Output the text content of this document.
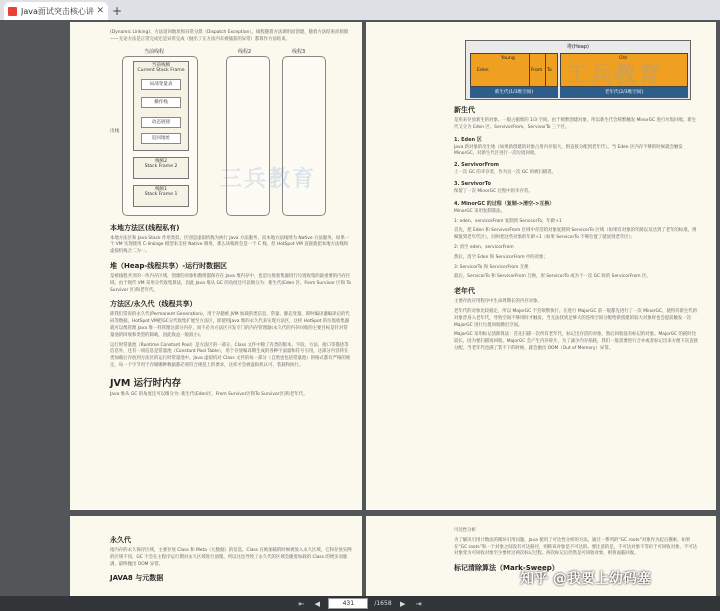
Java面试突击核心讲 ✕ +
(Dynamic Linking)、方法返回地址和异常分派（Dispatch Exception）。线程随着方法调用而创建，随着方法结束而销毁——无论方法是正常完成还是异常完成（抛出了在方法内未被捕获的异常）都算作方法结束。
当前线程	线程2	线程3
当前栈帧
Current Stack Frame
局部变量表
操作栈
动态链接
返回地址
栈帧2
Stack Frame 2
栈帧1
Stack Frame 1
出栈
本地方法区(线程私有)
本地方法区和 Java Stack 作用类似，区别是虚拟机栈为执行 Java 方法服务，而本地方法栈则为 Native 方法服务。如果一个 VM 实现使用 C-linkage 模型来支持 Native 调用，那么该栈将会是一个 C 栈，但 HotSpot VM 直接就把本地方法栈和虚拟机栈合二为一。
堆（Heap-线程共享）-运行时数据区
是被线程共享的一块内存区域，创建的对象和数组都保存在 Java 堆内存中，也是垃圾收集器进行垃圾收集的最重要的内存区域。由于现代 VM 采用分代收集算法，因此 Java 堆从 GC 的角度还可以细分为：新生代(Eden 区、From Survivor 区和 To Survivor 区)和老年代。
方法区/永久代（线程共享）
即我们常说的永久代(Permanent Generation)，用于存储被 JVM 加载的类信息、常量、静态变量、即时编译器编译后的代码等数据。HotSpot VM把GC分代收集扩展至方法区，即使用Java 堆的永久代来实现方法区，这样 HotSpot 的垃圾收集器就可以像管理 Java 堆一样管理这部分内存，而不必为方法区开发专门的内存管理器(永久代的内存回收的主要目标是针对常量池的回收和类型的卸载，因此收益一般很小)。
运行时常量池（Runtime Constant Pool）是方法区的一部分。Class 文件中除了有类的版本、字段、方法、接口等描述等信息外，还有一项信息是常量池（Constant Pool Table），用于存放编译期生成的各种字面量和符号引用，这部分内容将在类加载后存放到方法区的运行时常量池中。Java 虚拟机对 Class 文件的每一部分（自然也包括常量池）的格式都有严格的规定，每一个字节用于存储哪种数据都必须符合规范上的要求，这样才会被虚拟机认可、装载和执行。
JVM 运行时内存
Java 堆从 GC 的角度还可以细分为: 新生代(Eden区、From Survivor区和To Survivor区)和老年代。
三兵教育
堆(Heap)
Young
Eden	From To
Old
新生代(1/3堆空间)	老年代(2/3堆空间)
新生代
是用来存放新生的对象。一般占据堆的 1/3 空间。由于频繁创建对象，所以新生代会频繁触发 MinorGC 进行垃圾回收。新生代又分为 Eden 区、ServivorFrom、ServivorTo 三个区。
1. Eden 区
Java 新对象的出生地（如果新创建的对象占用内存很大，则直接分配到老年代）。当 Eden 区内存不够的时候就会触发 MinorGC，对新生代区进行一次垃圾回收。
2. ServivorFrom
上一次 GC 的幸存者，作为这一次 GC 的被扫描者。
3. ServivorTo
保留了一次 MinorGC 过程中的幸存者。
4. MinorGC 的过程（复制->清空->互换）
MinorGC 采用复制算法。
1: eden、servicorFrom 复制到 ServicorTo，年龄+1
首先，把 Eden 和 ServivorFrom 区域中存活的对象复制到 ServicorTo 区域（如果有对象的年龄以及达到了老年的标准，则赋值到老年代区），同时把这些对象的年龄+1（如果 ServicorTo 不够位置了就放到老年区）；
2: 清空 eden、servicorFrom
然后，清空 Eden 和 ServicorFrom 中的对象；
3: ServicorTo 和 ServicorFrom 互换
最后，ServicorTo 和 ServicorFrom 互换，原 ServicorTo 成为下一次 GC 时的 ServicorFrom 区。
老年代
主要存放应用程序中生命周期长的内存对象。
老年代的对象比较稳定，所以 MajorGC 不会频繁执行。在进行 MajorGC 前一般都先进行了一次 MinorGC，使得有新生代的对象晋身入老年代，导致空间不够用时才触发。当无法找到足够大的连续空间分配给新创建的较大对象时也会提前触发一次 MajorGC 进行垃圾回收腾出空间。
MajorGC 采用标记清除算法：首先扫描一次所有老年代，标记出存活的对象，然后回收没有标记的对象。MajorGC 的耗时比较长，因为要扫描再回收。MajorGC 会产生内存碎片，为了减少内存损耗，我们一般需要进行合并或者标记出来方便下次直接分配。当老年代也满了装不下的时候，就会抛出 OOM（Out of Memory）异常。
工兵教育
永久代
指内存的永久保存区域，主要存放 Class 和 Meta（元数据）的信息，Class 在被加载的时候被放入永久区域，它和存放实例的区域不同，GC 不会在主程序运行期对永久区域进行清理。所以这也导致了永久代的区域会随着加载的 Class 的增多而胀满，最终抛出 OOM 异常。
JAVA8 与元数据
可达性分析
为了解决引用计数法的循环引用问题，Java 使用了可达性分析的方法。通过一系列的“GC roots”对象作为起点搜索。如果在“GC roots”和一个对象之间没有可达路径，则称该对象是不可达的。要注意的是，不可达对象不等价于可回收对象，不可达对象变为可回收对象至少要经过两次标记过程。两次标记后仍然是可回收对象，则将面临回收。
标记清除算法（Mark-Sweep）
知乎 @我要上幼码塞
⇤	◀	431	/1658	▶	⇥
